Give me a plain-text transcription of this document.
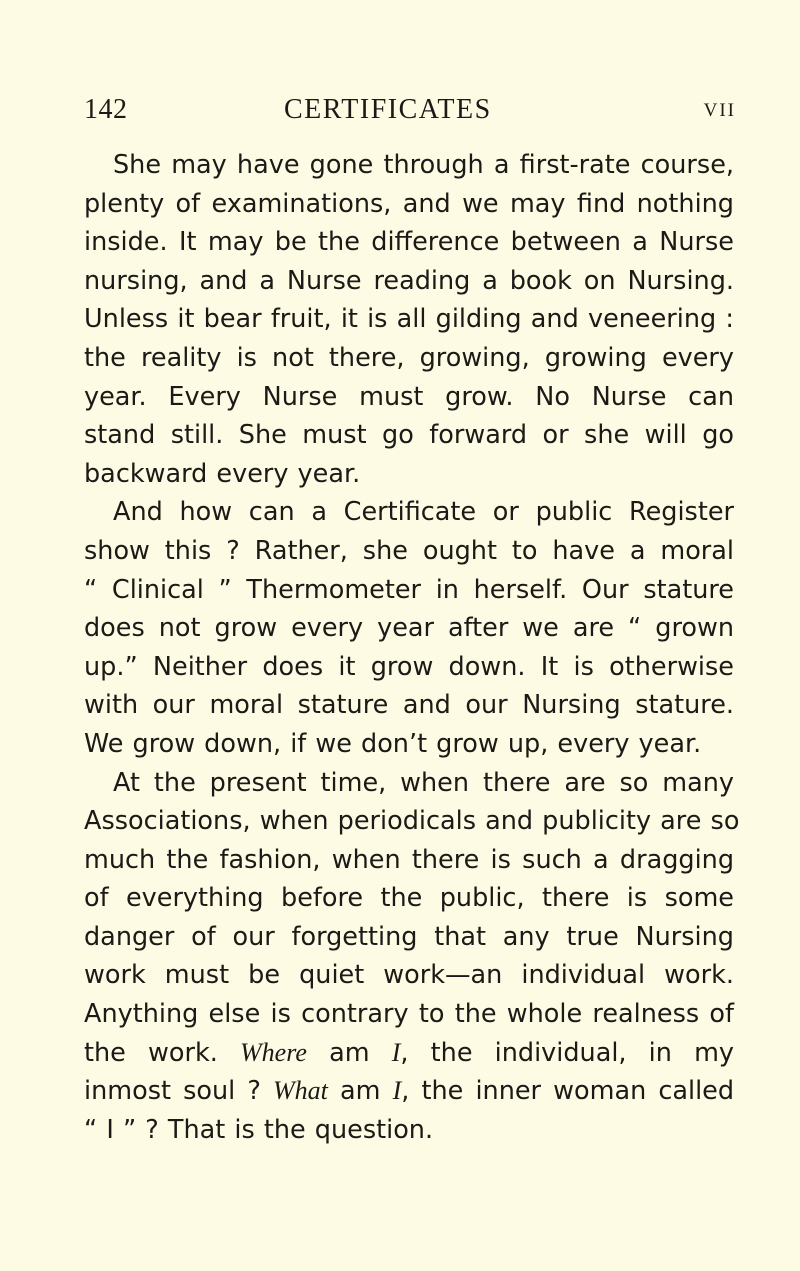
142	CERTIFICATES	VII
She may have gone through a first-rate course,
plenty of examinations, and we may find nothing
inside. It may be the difference between a Nurse
nursing, and a Nurse reading a book on Nursing.
Unless it bear fruit, it is all gilding and veneering :
the reality is not there, growing, growing every
year. Every Nurse must grow. No Nurse can
stand still. She must go forward or she will go
backward every year.
And how can a Certificate or public Register
show this ? Rather, she ought to have a moral
“ Clinical ” Thermometer in herself. Our stature
does not grow every year after we are “ grown
up.” Neither does it grow down. It is otherwise
with our moral stature and our Nursing stature.
We grow down, if we don’t grow up, every year.
At the present time, when there are so many
Associations, when periodicals and publicity are so
much the fashion, when there is such a dragging
of everything before the public, there is some
danger of our forgetting that any true Nursing
work must be quiet work—an individual work.
Anything else is contrary to the whole realness of
the work. Where am I, the individual, in my
inmost soul ? What am I, the inner woman called
“ I ” ? That is the question.
